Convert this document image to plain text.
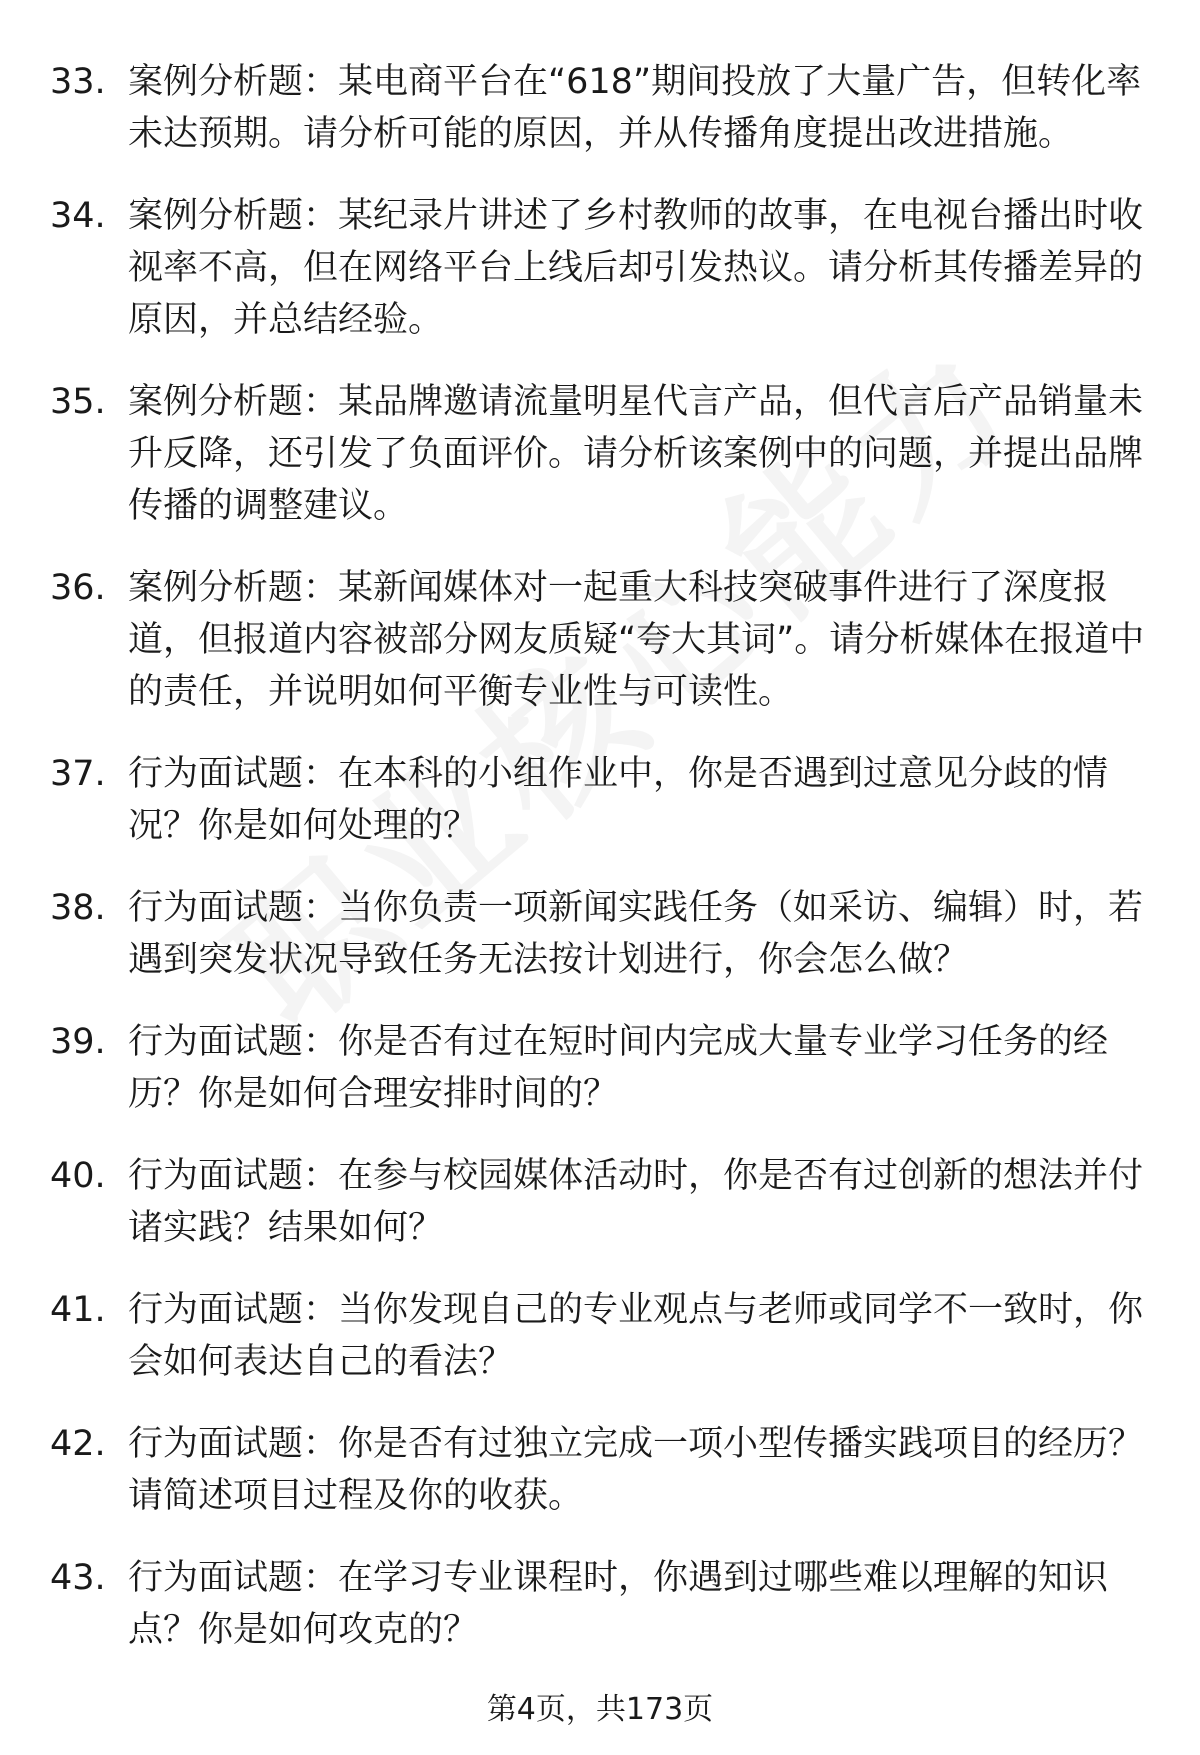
33. 案例分析题：某电商平台在“618”期间投放了大量广告，但转化率未达预期。请分析可能的原因，并从传播角度提出改进措施。

34. 案例分析题：某纪录片讲述了乡村教师的故事，在电视台播出时收视率不高，但在网络平台上线后却引发热议。请分析其传播差异的原因，并总结经验。

35. 案例分析题：某品牌邀请流量明星代言产品，但代言后产品销量未升反降，还引发了负面评价。请分析该案例中的问题，并提出品牌传播的调整建议。

36. 案例分析题：某新闻媒体对一起重大科技突破事件进行了深度报道，但报道内容被部分网友质疑“夸大其词”。请分析媒体在报道中的责任，并说明如何平衡专业性与可读性。

37. 行为面试题：在本科的小组作业中，你是否遇到过意见分歧的情况？你是如何处理的？

38. 行为面试题：当你负责一项新闻实践任务（如采访、编辑）时，若遇到突发状况导致任务无法按计划进行，你会怎么做？

39. 行为面试题：你是否有过在短时间内完成大量专业学习任务的经历？你是如何合理安排时间的？

40. 行为面试题：在参与校园媒体活动时，你是否有过创新的想法并付诸实践？结果如何？

41. 行为面试题：当你发现自己的专业观点与老师或同学不一致时，你会如何表达自己的看法？

42. 行为面试题：你是否有过独立完成一项小型传播实践项目的经历？请简述项目过程及你的收获。

43. 行为面试题：在学习专业课程时，你遇到过哪些难以理解的知识点？你是如何攻克的？

第4页，共173页
